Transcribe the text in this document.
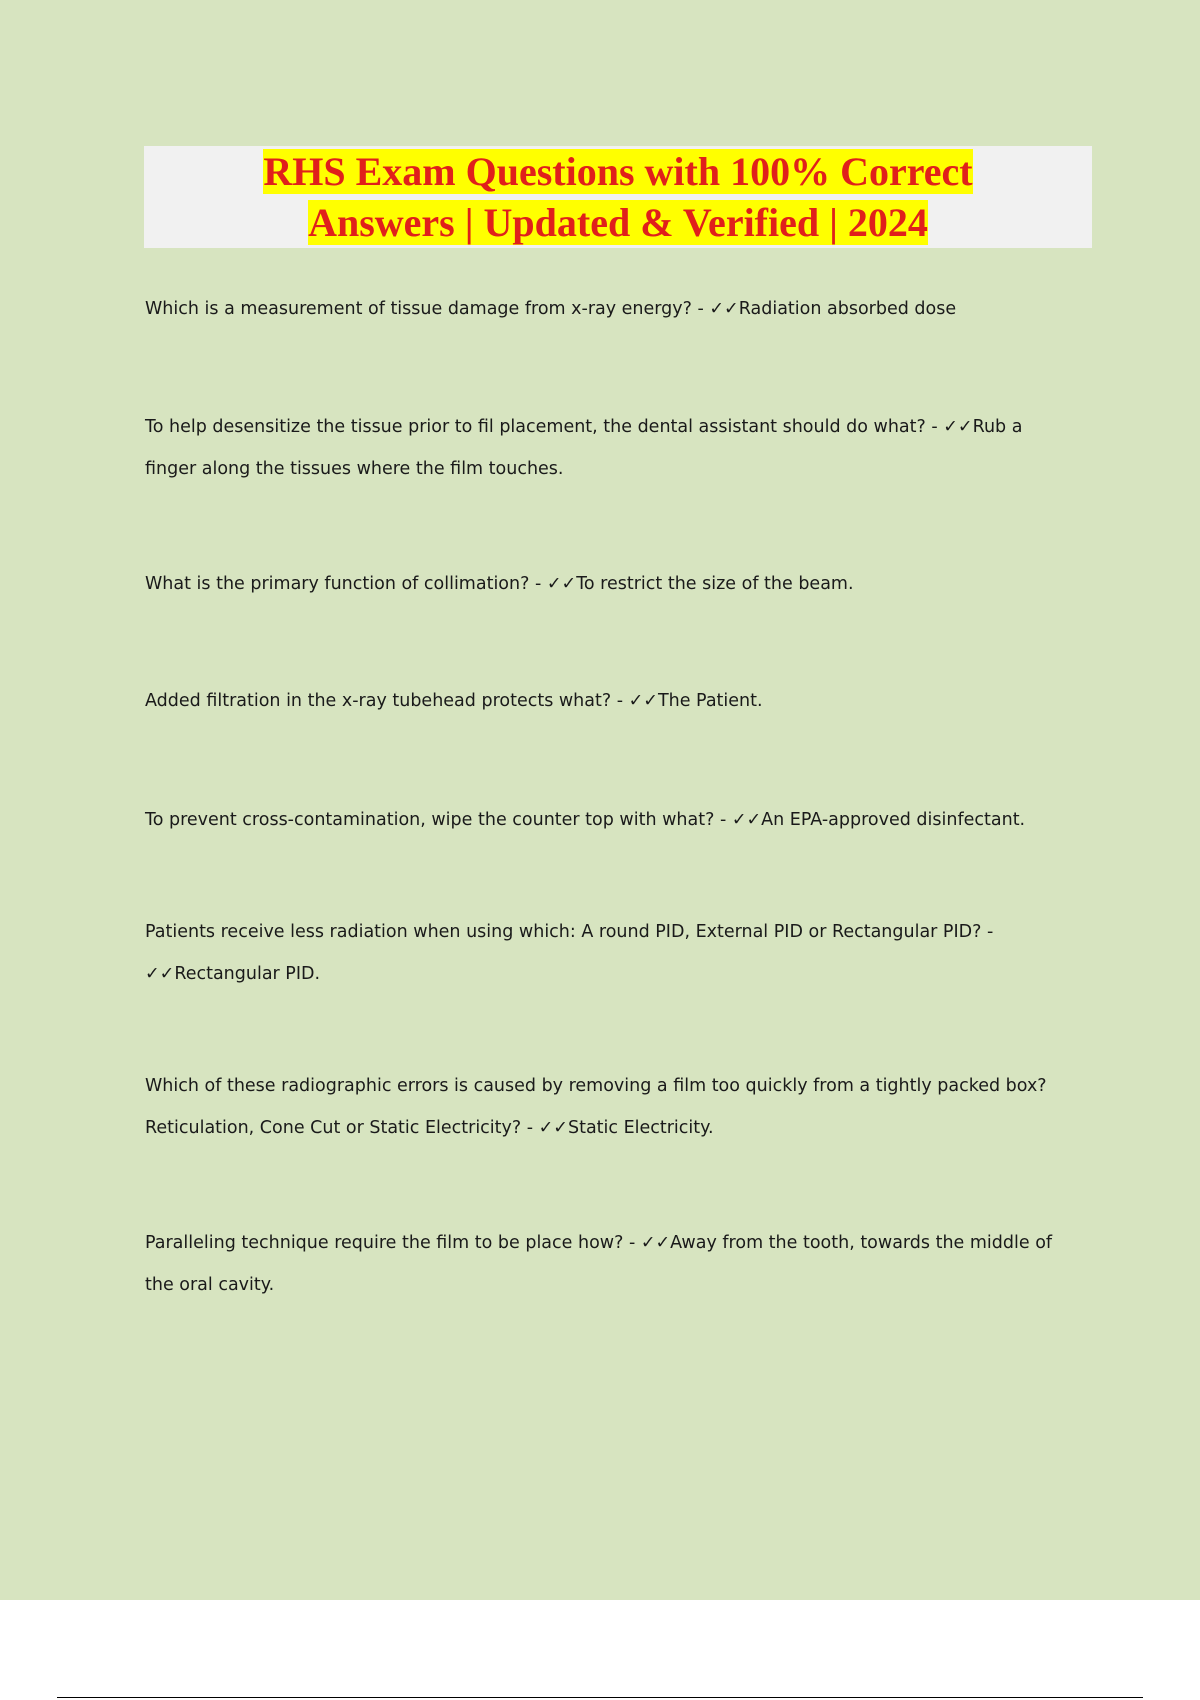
RHS Exam Questions with 100% Correct
Answers | Updated & Verified | 2024
Which is a measurement of tissue damage from x-ray energy? - ✓✓Radiation absorbed dose
To help desensitize the tissue prior to fil placement, the dental assistant should do what? - ✓✓Rub a finger along the tissues where the film touches.
What is the primary function of collimation? - ✓✓To restrict the size of the beam.
Added filtration in the x-ray tubehead protects what? - ✓✓The Patient.
To prevent cross-contamination, wipe the counter top with what? - ✓✓An EPA-approved disinfectant.
Patients receive less radiation when using which: A round PID, External PID or Rectangular PID? - ✓✓Rectangular PID.
Which of these radiographic errors is caused by removing a film too quickly from a tightly packed box? Reticulation, Cone Cut or Static Electricity? - ✓✓Static Electricity.
Paralleling technique require the film to be place how? - ✓✓Away from the tooth, towards the middle of the oral cavity.
